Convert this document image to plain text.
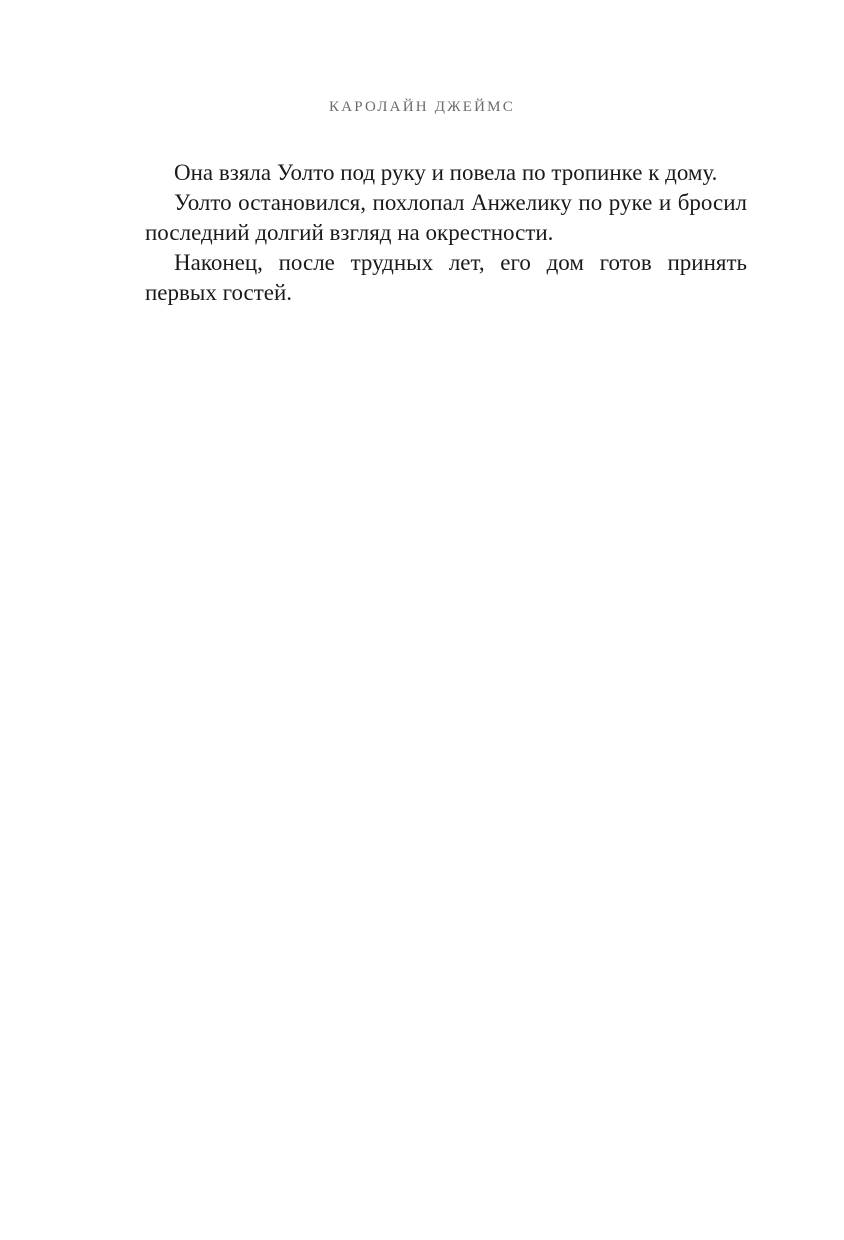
КАРОЛАЙН ДЖЕЙМС

Она взяла Уолто под руку и повела по тропинке к дому.

Уолто остановился, похлопал Анжелику по руке и бросил последний долгий взгляд на окрестности.

Наконец, после трудных лет, его дом готов принять первых гостей.
